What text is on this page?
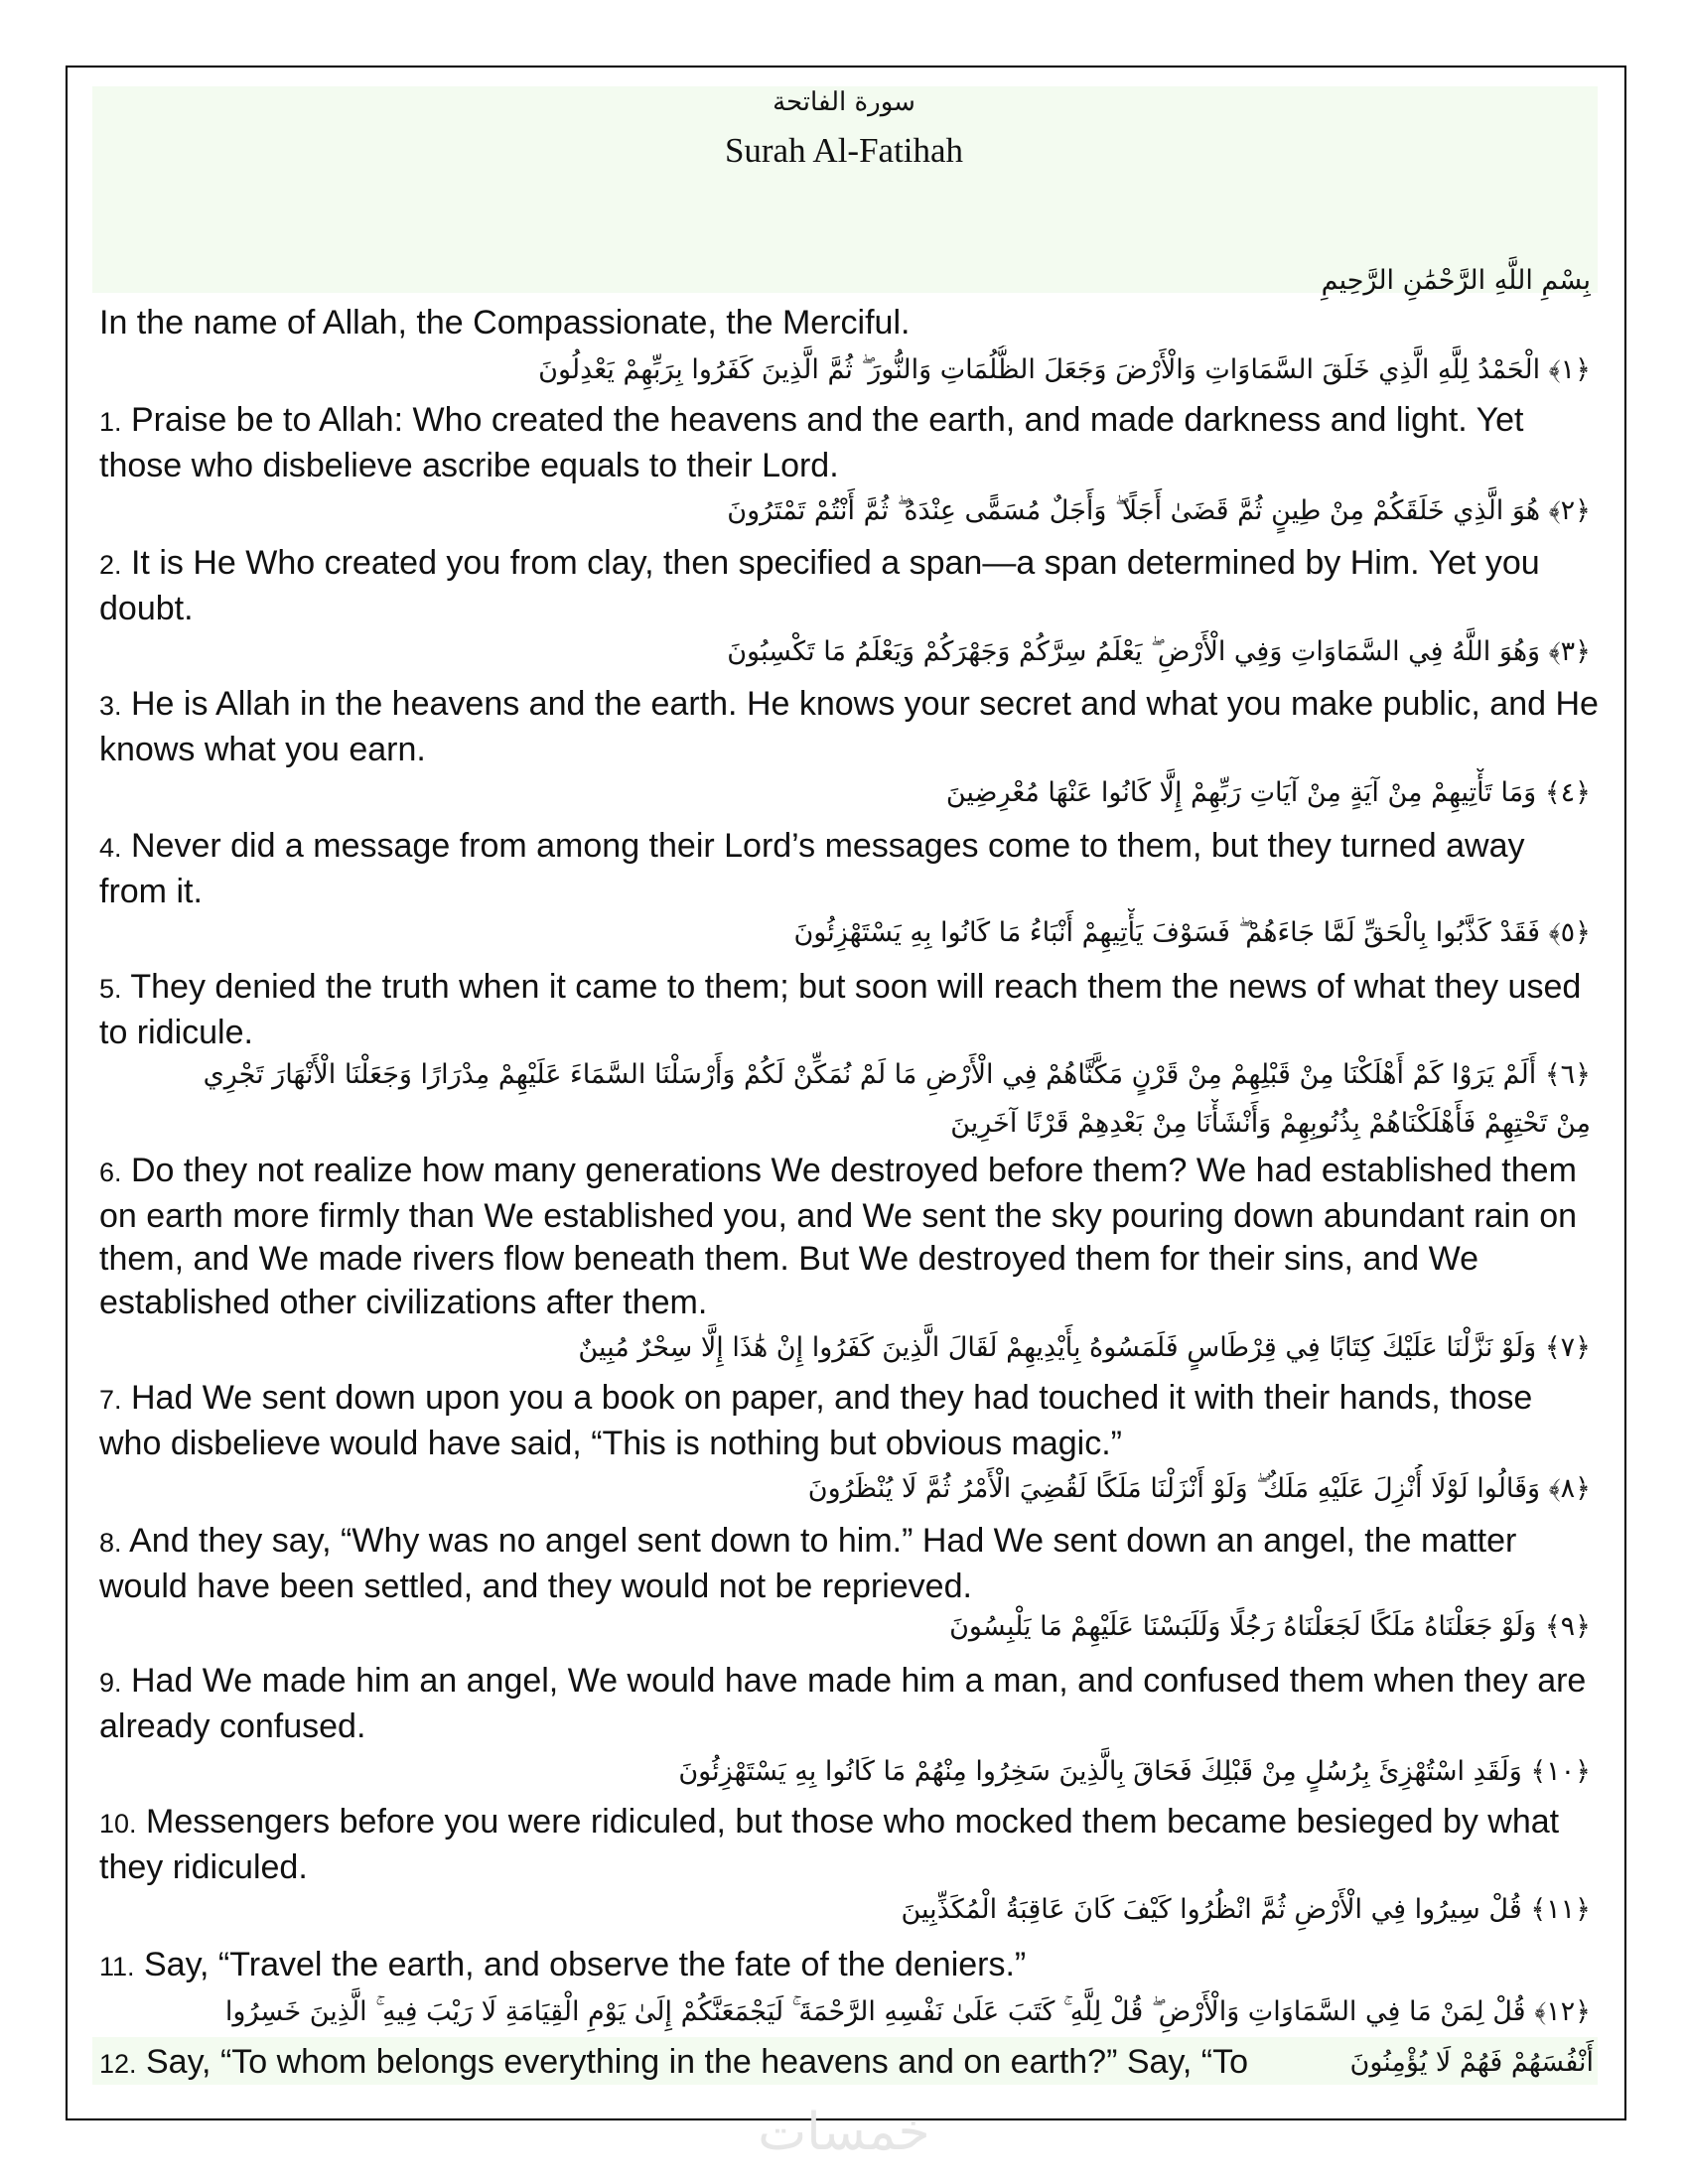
سورة الفاتحة
Surah Al-Fatihah
بِسْمِ اللَّهِ الرَّحْمَٰنِ الرَّحِيمِ
In the name of Allah, the Compassionate, the Merciful.
﴿١﴾ الْحَمْدُ لِلَّهِ الَّذِي خَلَقَ السَّمَاوَاتِ وَالْأَرْضَ وَجَعَلَ الظُّلُمَاتِ وَالنُّورَ ۖ ثُمَّ الَّذِينَ كَفَرُوا بِرَبِّهِمْ يَعْدِلُونَ
1. Praise be to Allah: Who created the heavens and the earth, and made darkness and light. Yet those who disbelieve ascribe equals to their Lord.
﴿٢﴾ هُوَ الَّذِي خَلَقَكُمْ مِنْ طِينٍ ثُمَّ قَضَىٰ أَجَلًا ۖ وَأَجَلٌ مُسَمًّى عِنْدَهُ ۖ ثُمَّ أَنْتُمْ تَمْتَرُونَ
2. It is He Who created you from clay, then specified a span—a span determined by Him. Yet you doubt.
﴿٣﴾ وَهُوَ اللَّهُ فِي السَّمَاوَاتِ وَفِي الْأَرْضِ ۖ يَعْلَمُ سِرَّكُمْ وَجَهْرَكُمْ وَيَعْلَمُ مَا تَكْسِبُونَ
3. He is Allah in the heavens and the earth. He knows your secret and what you make public, and He knows what you earn.
﴿٤﴾ وَمَا تَأْتِيهِمْ مِنْ آيَةٍ مِنْ آيَاتِ رَبِّهِمْ إِلَّا كَانُوا عَنْهَا مُعْرِضِينَ
4. Never did a message from among their Lord’s messages come to them, but they turned away from it.
﴿٥﴾ فَقَدْ كَذَّبُوا بِالْحَقِّ لَمَّا جَاءَهُمْ ۖ فَسَوْفَ يَأْتِيهِمْ أَنْبَاءُ مَا كَانُوا بِهِ يَسْتَهْزِئُونَ
5. They denied the truth when it came to them; but soon will reach them the news of what they used to ridicule.
﴿٦﴾ أَلَمْ يَرَوْا كَمْ أَهْلَكْنَا مِنْ قَبْلِهِمْ مِنْ قَرْنٍ مَكَّنَّاهُمْ فِي الْأَرْضِ مَا لَمْ نُمَكِّنْ لَكُمْ وَأَرْسَلْنَا السَّمَاءَ عَلَيْهِمْ مِدْرَارًا وَجَعَلْنَا الْأَنْهَارَ تَجْرِي
مِنْ تَحْتِهِمْ فَأَهْلَكْنَاهُمْ بِذُنُوبِهِمْ وَأَنْشَأْنَا مِنْ بَعْدِهِمْ قَرْنًا آخَرِينَ
6. Do they not realize how many generations We destroyed before them? We had established them on earth more firmly than We established you, and We sent the sky pouring down abundant rain on them, and We made rivers flow beneath them. But We destroyed them for their sins, and We established other civilizations after them.
﴿٧﴾ وَلَوْ نَزَّلْنَا عَلَيْكَ كِتَابًا فِي قِرْطَاسٍ فَلَمَسُوهُ بِأَيْدِيهِمْ لَقَالَ الَّذِينَ كَفَرُوا إِنْ هَٰذَا إِلَّا سِحْرٌ مُبِينٌ
7. Had We sent down upon you a book on paper, and they had touched it with their hands, those who disbelieve would have said, “This is nothing but obvious magic.”
﴿٨﴾ وَقَالُوا لَوْلَا أُنْزِلَ عَلَيْهِ مَلَكٌ ۖ وَلَوْ أَنْزَلْنَا مَلَكًا لَقُضِيَ الْأَمْرُ ثُمَّ لَا يُنْظَرُونَ
8. And they say, “Why was no angel sent down to him.” Had We sent down an angel, the matter would have been settled, and they would not be reprieved.
﴿٩﴾ وَلَوْ جَعَلْنَاهُ مَلَكًا لَجَعَلْنَاهُ رَجُلًا وَلَلَبَسْنَا عَلَيْهِمْ مَا يَلْبِسُونَ
9. Had We made him an angel, We would have made him a man, and confused them when they are already confused.
﴿١٠﴾ وَلَقَدِ اسْتُهْزِئَ بِرُسُلٍ مِنْ قَبْلِكَ فَحَاقَ بِالَّذِينَ سَخِرُوا مِنْهُمْ مَا كَانُوا بِهِ يَسْتَهْزِئُونَ
10. Messengers before you were ridiculed, but those who mocked them became besieged by what they ridiculed.
﴿١١﴾ قُلْ سِيرُوا فِي الْأَرْضِ ثُمَّ انْظُرُوا كَيْفَ كَانَ عَاقِبَةُ الْمُكَذِّبِينَ
11. Say, “Travel the earth, and observe the fate of the deniers.”
﴿١٢﴾ قُلْ لِمَنْ مَا فِي السَّمَاوَاتِ وَالْأَرْضِ ۖ قُلْ لِلَّهِ ۚ كَتَبَ عَلَىٰ نَفْسِهِ الرَّحْمَةَ ۚ لَيَجْمَعَنَّكُمْ إِلَىٰ يَوْمِ الْقِيَامَةِ لَا رَيْبَ فِيهِ ۚ الَّذِينَ خَسِرُوا
12. Say, “To whom belongs everything in the heavens and on earth?” Say, “To	أَنْفُسَهُمْ فَهُمْ لَا يُؤْمِنُونَ
خمسات
